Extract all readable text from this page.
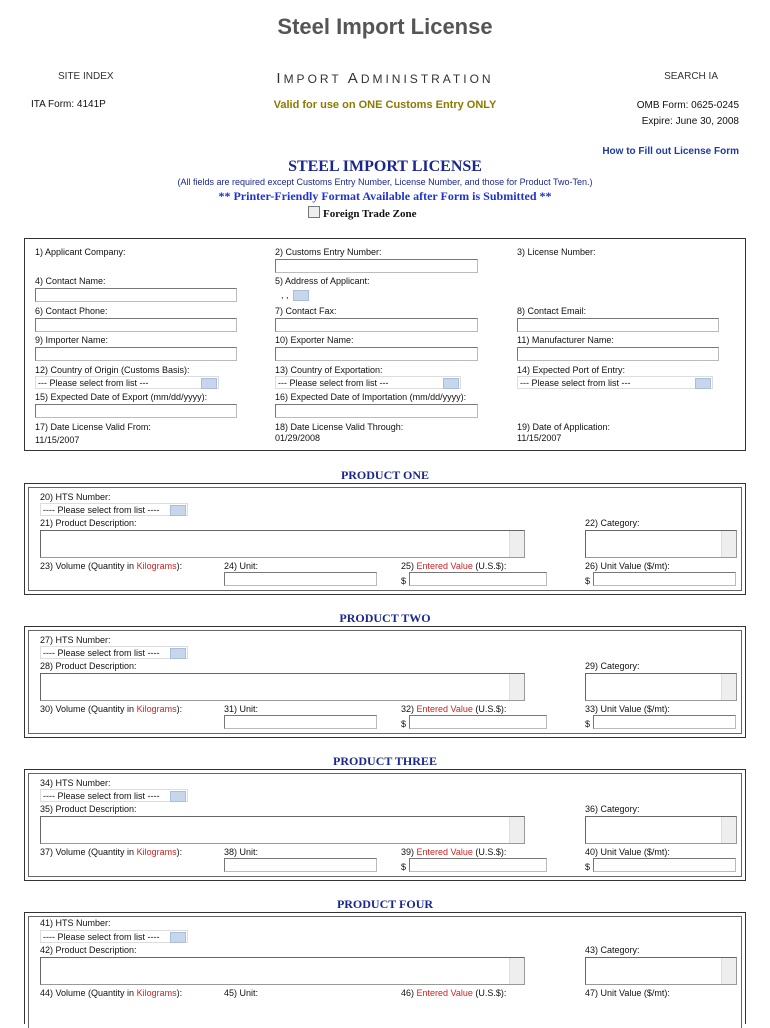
Steel Import License
SITE INDEX	IMPORT ADMINISTRATION	SEARCH IA
ITA Form: 4141P	Valid for use on ONE Customs Entry ONLY	OMB Form: 0625-0245
Expire: June 30, 2008
How to Fill out License Form
STEEL IMPORT LICENSE
(All fields are required except Customs Entry Number, License Number, and those for Product Two-Ten.)
** Printer-Friendly Format Available after Form is Submitted **
Foreign Trade Zone
1) Applicant Company:	2) Customs Entry Number:	3) License Number:
4) Contact Name:	5) Address of Applicant:
, ,
6) Contact Phone:	7) Contact Fax:	8) Contact Email:
9) Importer Name:	10) Exporter Name:	11) Manufacturer Name:
12) Country of Origin (Customs Basis):
--- Please select from list ---
13) Country of Exportation:
--- Please select from list ---
14) Expected Port of Entry:
--- Please select from list ---
15) Expected Date of Export (mm/dd/yyyy):	16) Expected Date of Importation (mm/dd/yyyy):
17) Date License Valid From:
11/15/2007
18) Date License Valid Through:
01/29/2008
19) Date of Application:
11/15/2007
PRODUCT ONE
20) HTS Number:
---- Please select from list ----
21) Product Description:	22) Category:
23) Volume (Quantity in Kilograms):	24) Unit:	25) Entered Value (U.S.$):
$
26) Unit Value ($/mt):
$
PRODUCT TWO
27) HTS Number:
---- Please select from list ----
28) Product Description:	29) Category:
30) Volume (Quantity in Kilograms):	31) Unit:	32) Entered Value (U.S.$):
$
33) Unit Value ($/mt):
$
PRODUCT THREE
34) HTS Number:
---- Please select from list ----
35) Product Description:	36) Category:
37) Volume (Quantity in Kilograms):	38) Unit:	39) Entered Value (U.S.$):
$
40) Unit Value ($/mt):
$
PRODUCT FOUR
41) HTS Number:
---- Please select from list ----
42) Product Description:	43) Category:
44) Volume (Quantity in Kilograms):	45) Unit:	46) Entered Value (U.S.$):	47) Unit Value ($/mt):
